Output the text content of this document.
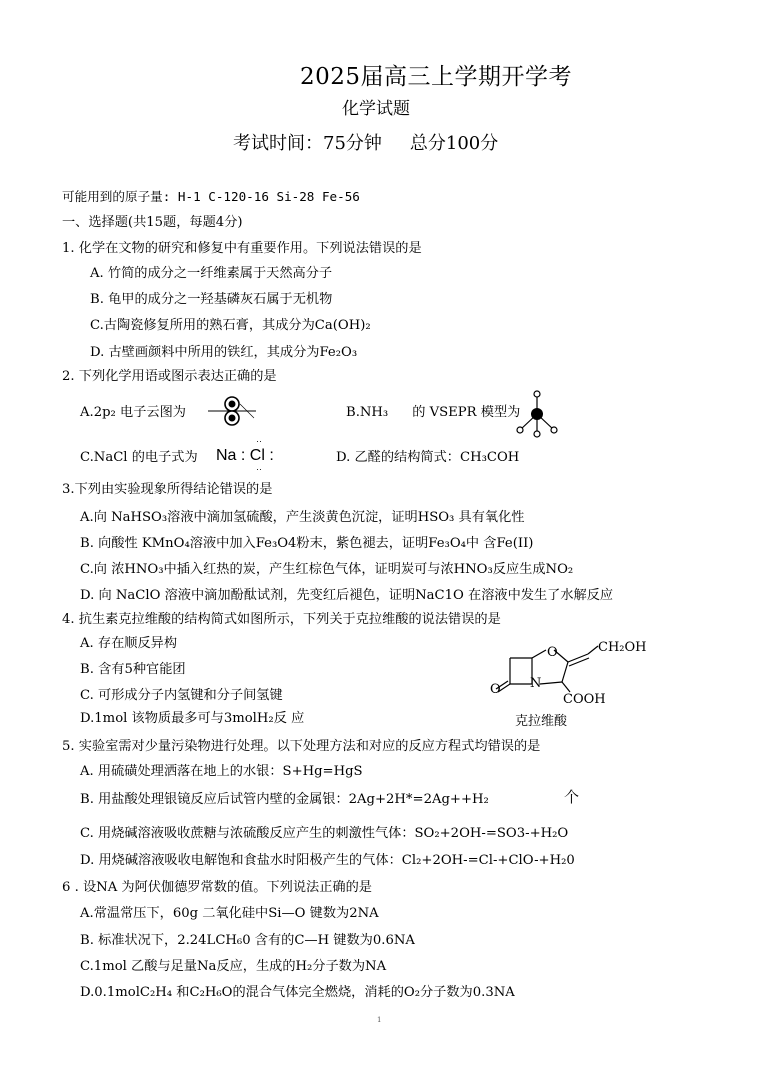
2025届高三上学期开学考
化学试题
考试时间：75分钟 总分100分
可能用到的原子量: H-1 C-120-16 Si-28 Fe-56
一、选择题(共15题，每题4分)
1. 化学在文物的研究和修复中有重要作用。下列说法错误的是
A. 竹简的成分之一纤维素属于天然高分子
B. 龟甲的成分之一羟基磷灰石属于无机物
C.古陶瓷修复所用的熟石膏，其成分为Ca(OH)₂
D. 古壁画颜料中所用的铁红，其成分为Fe₂O₃
2. 下列化学用语或图示表达正确的是
A.2p₂ 电子云图为	B.NH₃ 的 VSEPR 模型为
C.NaCl 的电子式为
··
Na : Cl :
··
D. 乙醛的结构简式：CH₃COH
3.下列由实验现象所得结论错误的是
A.向 NaHSO₃溶液中滴加氢硫酸，产生淡黄色沉淀，证明HSO₃ 具有氧化性
B. 向酸性 KMnO₄溶液中加入Fe₃O4粉末，紫色褪去，证明Fe₃O₄中 含Fe(II)
C.向 浓HNO₃中插入红热的炭，产生红棕色气体，证明炭可与浓HNO₃反应生成NO₂
D. 向 NaClO 溶液中滴加酚酞试剂，先变红后褪色，证明NaC1O 在溶液中发生了水解反应
4. 抗生素克拉维酸的结构简式如图所示，下列关于克拉维酸的说法错误的是
A. 存在顺反异构
B. 含有5种官能团
C. 可形成分子内氢键和分子间氢键
D.1mol 该物质最多可与3molH₂反 应
CH₂OH
O
O N
COOH
克拉维酸
5. 实验室需对少量污染物进行处理。以下处理方法和对应的反应方程式均错误的是
A. 用硫磺处理洒落在地上的水银：S+Hg=HgS
B. 用盐酸处理银镜反应后试管内壁的金属银：2Ag+2H*=2Ag++H₂	个
C. 用烧碱溶液吸收蔗糖与浓硫酸反应产生的刺激性气体：SO₂+2OH-=SO3-+H₂O
D. 用烧碱溶液吸收电解饱和食盐水时阳极产生的气体：Cl₂+2OH-=Cl-+ClO-+H₂0
6 . 设NA 为阿伏伽德罗常数的值。下列说法正确的是
A.常温常压下，60g 二氧化硅中Si—O 键数为2NA
B. 标准状况下，2.24LCH₆0 含有的C—H 键数为0.6NA
C.1mol 乙酸与足量Na反应，生成的H₂分子数为NA
D.0.1molC₂H₄ 和C₂H₆O的混合气体完全燃烧，消耗的O₂分子数为0.3NA
1
